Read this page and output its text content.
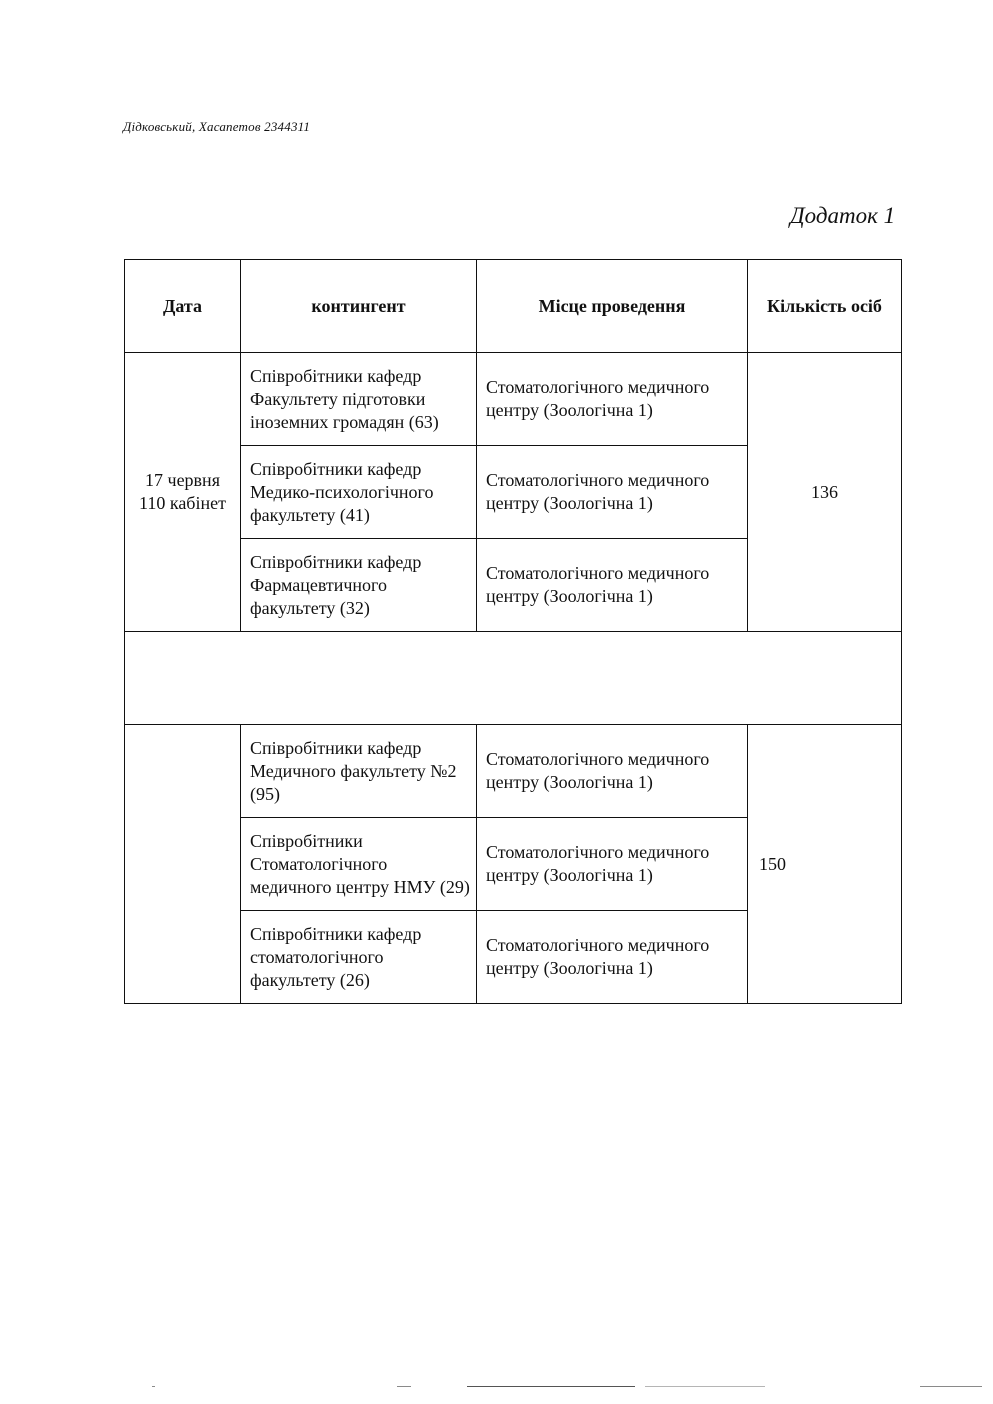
Дідковський, Хасапетов 2344311
Додаток 1
Дата	контингент	Місце проведення	Кількість осіб

17 червня
110 кабінет	Співробітники кафедр Факультету підготовки іноземних громадян (63)	Стоматологічного медичного центру (Зоологічна 1)	136
	Співробітники кафедр Медико-психологічного факультету (41)	Стоматологічного медичного центру (Зоологічна 1)	
	Співробітники кафедр Фармацевтичного факультету (32)	Стоматологічного медичного центру (Зоологічна 1)	

	Співробітники кафедр Медичного факультету №2 (95)	Стоматологічного медичного центру (Зоологічна 1)	150
	Співробітники Стоматологічного медичного центру НМУ (29)	Стоматологічного медичного центру (Зоологічна 1)	
	Співробітники кафедр стоматологічного факультету (26)	Стоматологічного медичного центру (Зоологічна 1)	
